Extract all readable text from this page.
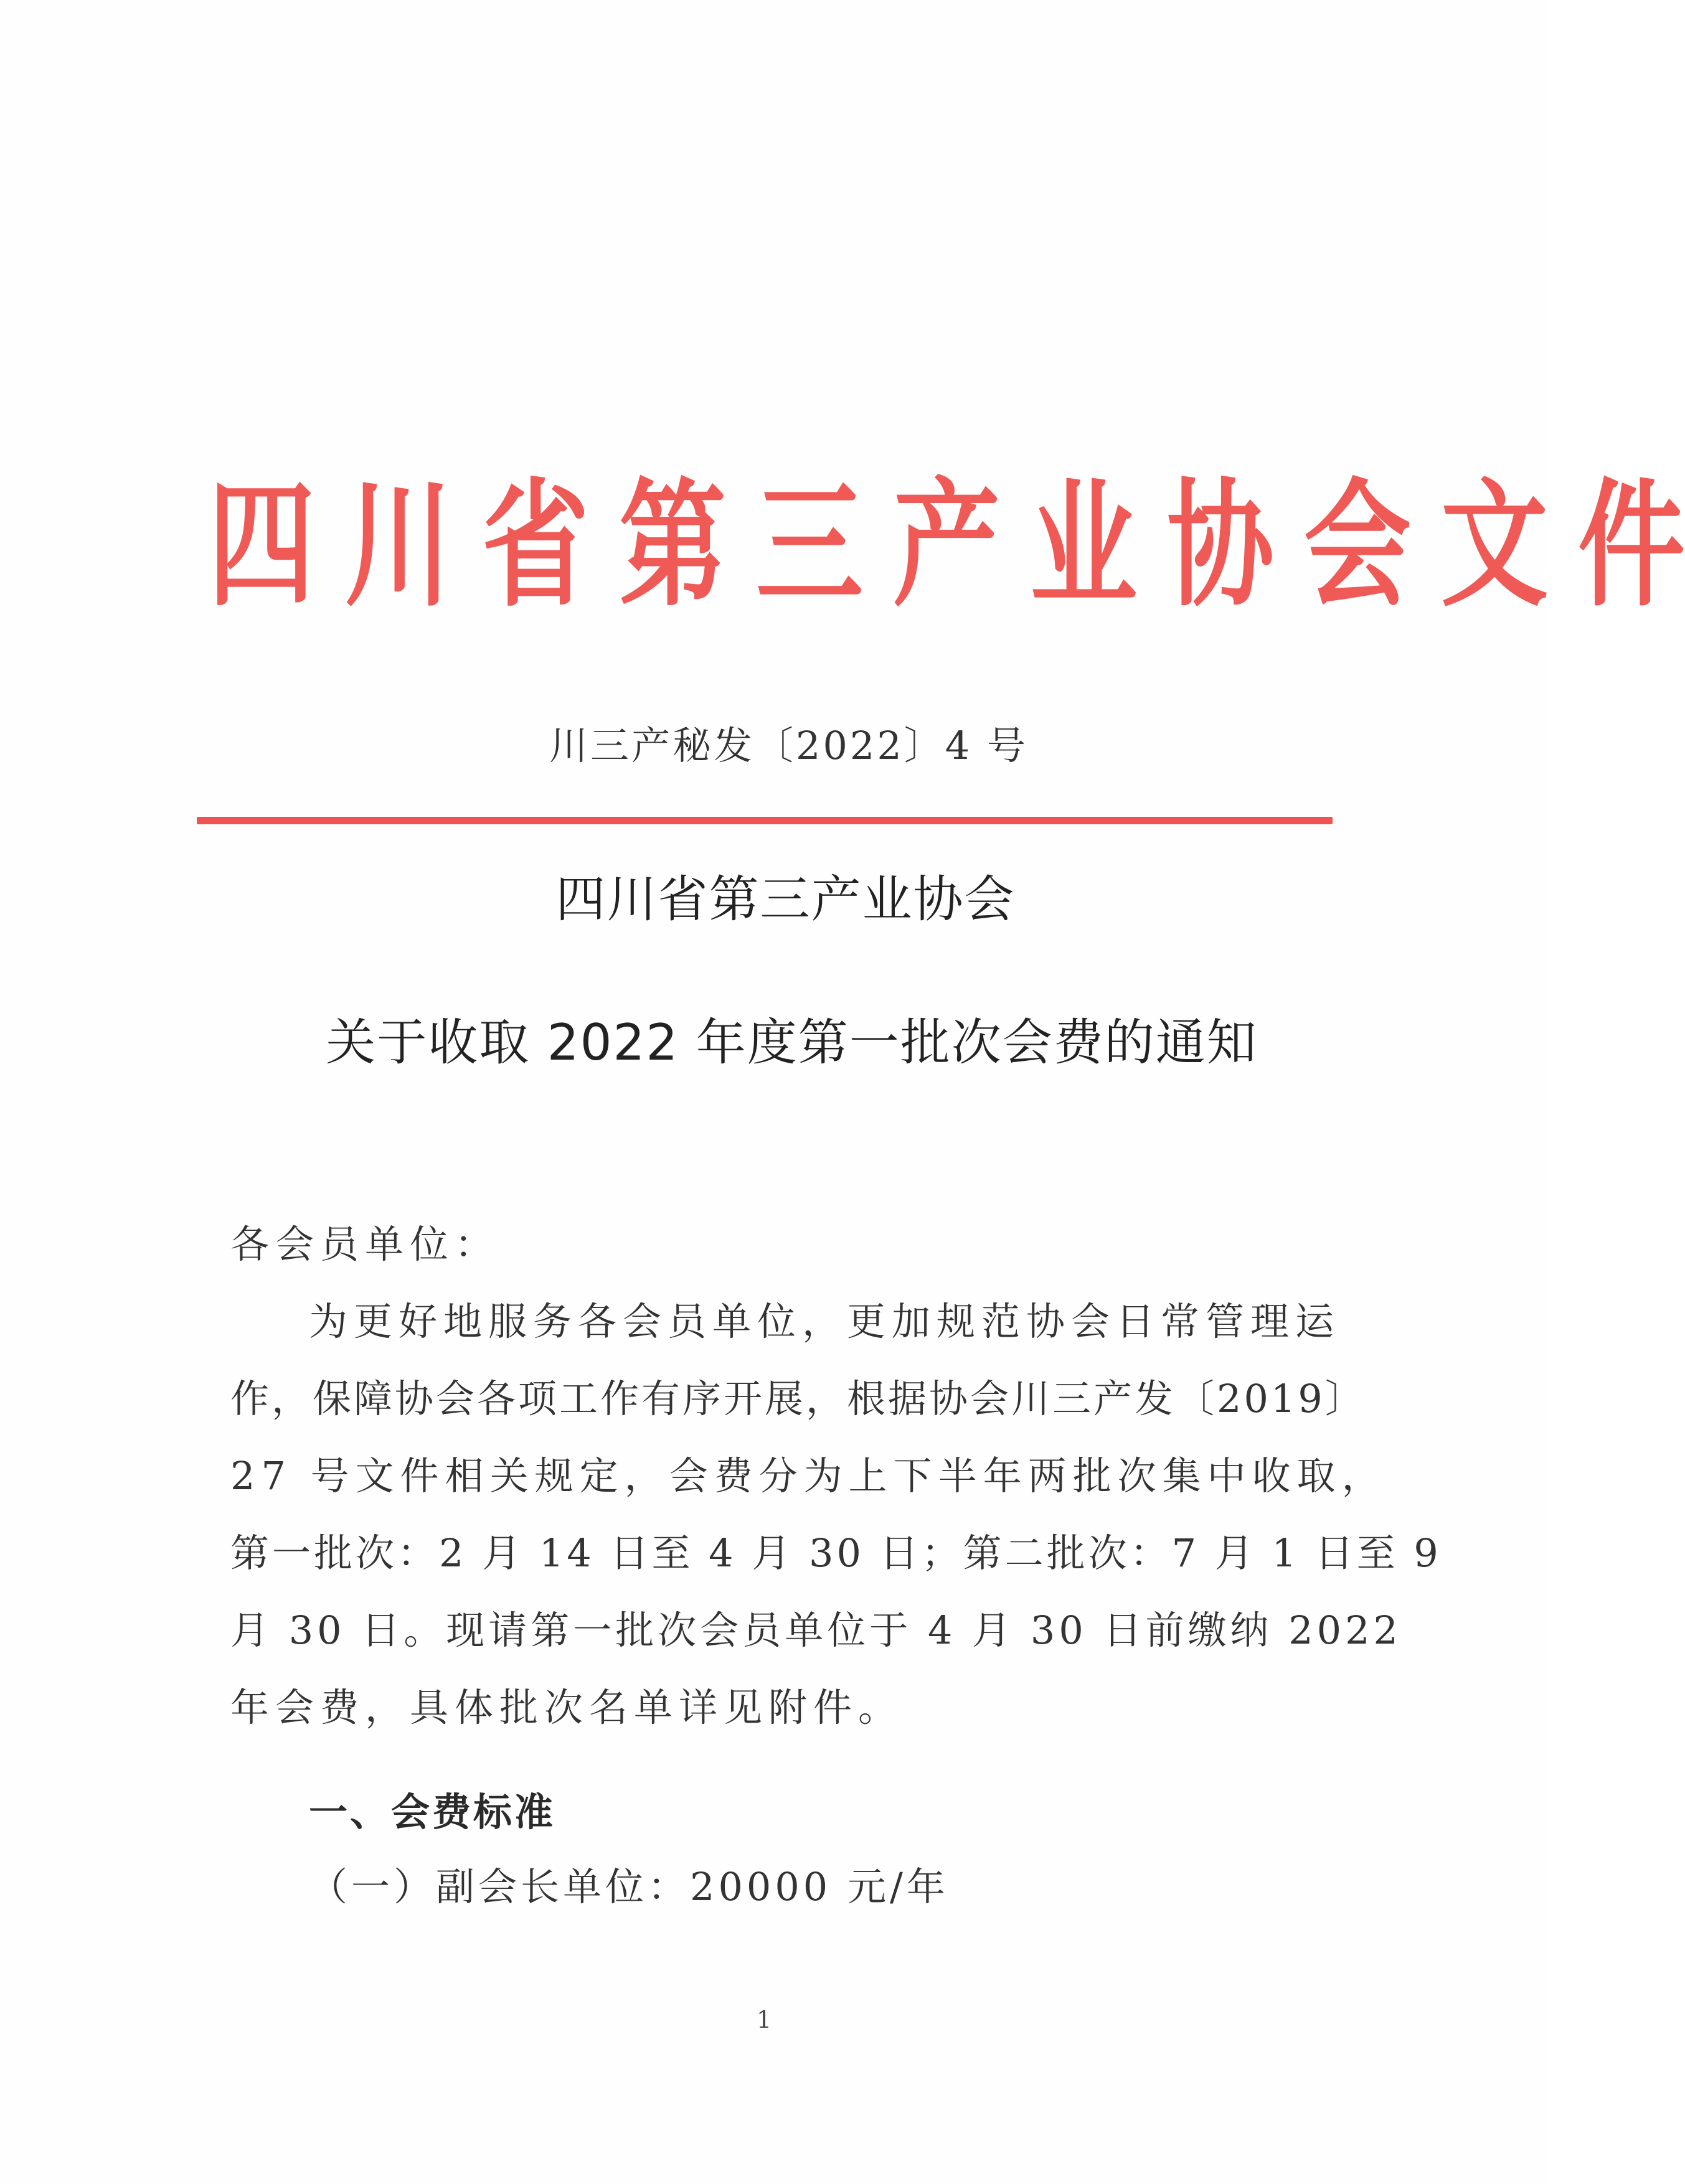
四 川 省 第 三 产 业 协 会 文 件
川三产秘发〔2022〕4 号
四川省第三产业协会
关于收取 2022 年度第一批次会费的通知
各会员单位：
为更好地服务各会员单位，更加规范协会日常管理运
作，保障协会各项工作有序开展，根据协会川三产发〔2019〕
27 号文件相关规定，会费分为上下半年两批次集中收取，
第一批次：2 月 14 日至 4 月 30 日；第二批次：7 月 1 日至 9
月 30 日。现请第一批次会员单位于 4 月 30 日前缴纳 2022
年会费，具体批次名单详见附件。
一、会费标准
（一）副会长单位：20000 元/年
1
